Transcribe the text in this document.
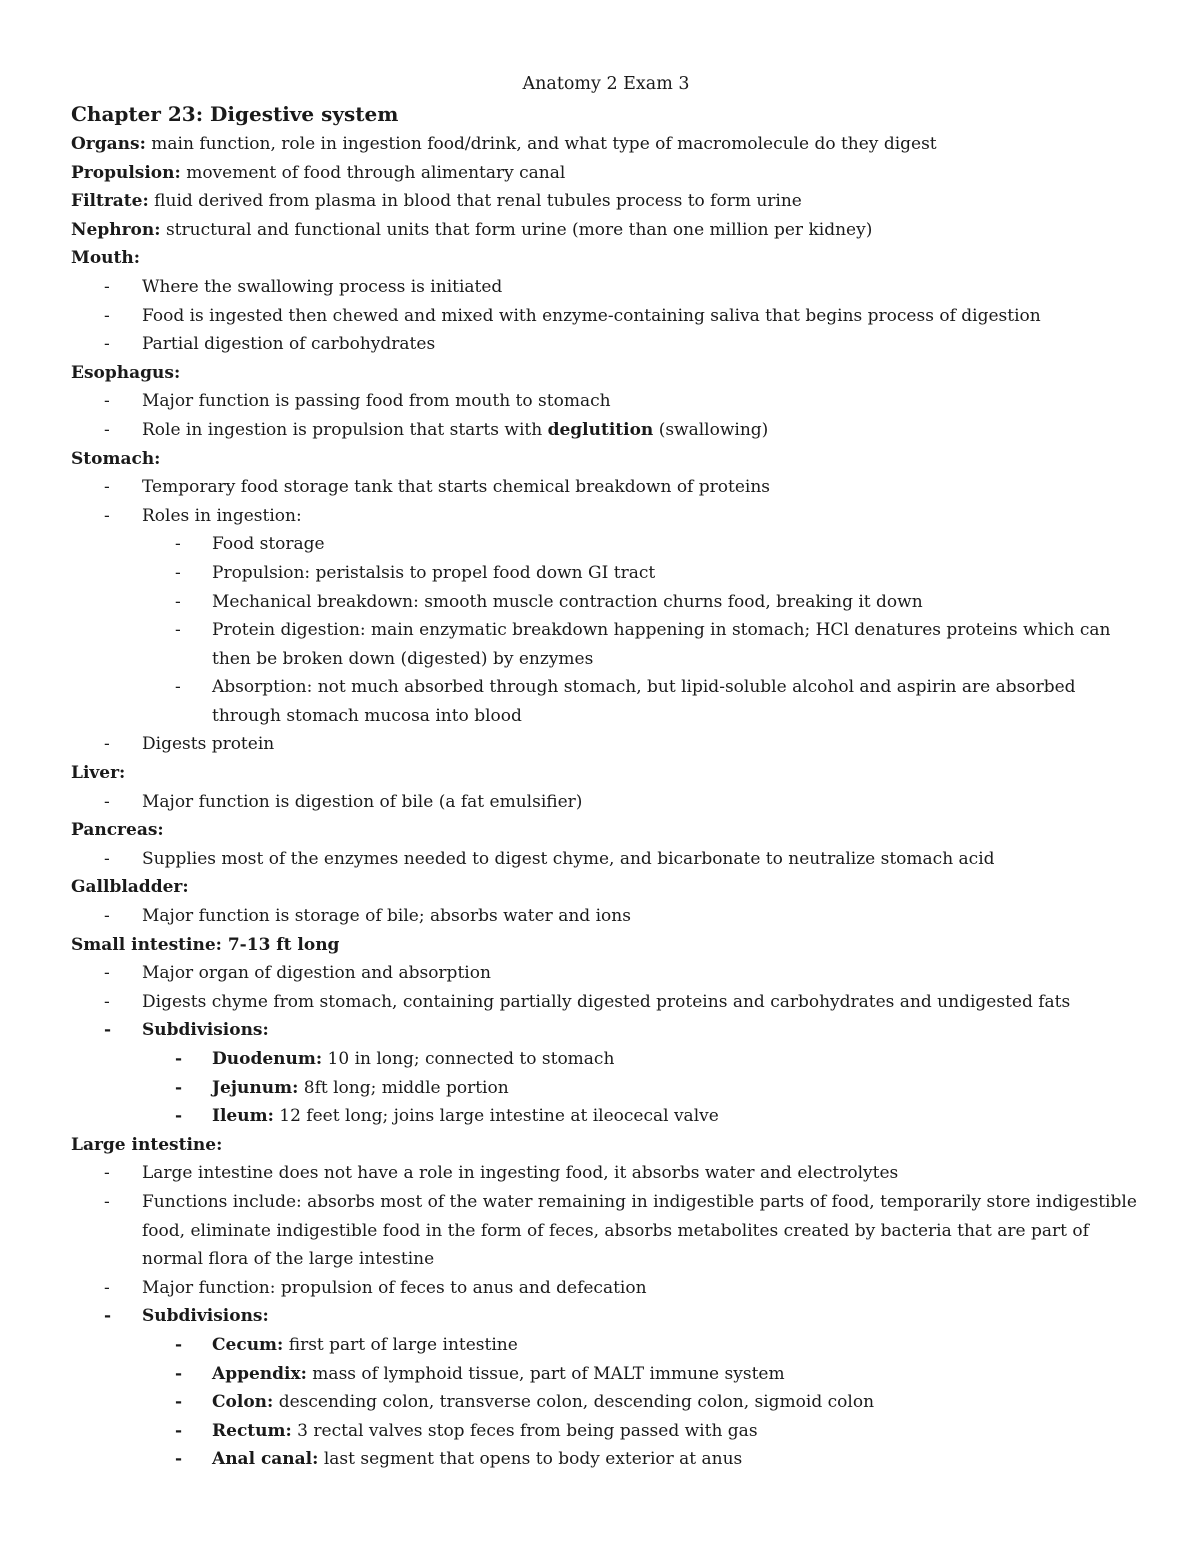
Anatomy 2 Exam 3
Chapter 23: Digestive system

Organs: main function, role in ingestion food/drink, and what type of macromolecule do they digest

Propulsion: movement of food through alimentary canal

Filtrate: fluid derived from plasma in blood that renal tubules process to form urine

Nephron: structural and functional units that form urine (more than one million per kidney)

Mouth:

- Where the swallowing process is initiated
- Food is ingested then chewed and mixed with enzyme-containing saliva that begins process of digestion
- Partial digestion of carbohydrates

Esophagus:

- Major function is passing food from mouth to stomach
- Role in ingestion is propulsion that starts with deglutition (swallowing)

Stomach:

- Temporary food storage tank that starts chemical breakdown of proteins
- Roles in ingestion:
- Food storage
- Propulsion: peristalsis to propel food down GI tract
- Mechanical breakdown: smooth muscle contraction churns food, breaking it down
- Protein digestion: main enzymatic breakdown happening in stomach; HCl denatures proteins which can then be broken down (digested) by enzymes
- Absorption: not much absorbed through stomach, but lipid-soluble alcohol and aspirin are absorbed through stomach mucosa into blood
- Digests protein

Liver:

- Major function is digestion of bile (a fat emulsifier)

Pancreas:

- Supplies most of the enzymes needed to digest chyme, and bicarbonate to neutralize stomach acid

Gallbladder:

- Major function is storage of bile; absorbs water and ions

Small intestine: 7-13 ft long

- Major organ of digestion and absorption
- Digests chyme from stomach, containing partially digested proteins and carbohydrates and undigested fats
- Subdivisions:
- Duodenum: 10 in long; connected to stomach
- Jejunum: 8ft long; middle portion
- Ileum: 12 feet long; joins large intestine at ileocecal valve

Large intestine:

- Large intestine does not have a role in ingesting food, it absorbs water and electrolytes
- Functions include: absorbs most of the water remaining in indigestible parts of food, temporarily store indigestible food, eliminate indigestible food in the form of feces, absorbs metabolites created by bacteria that are part of normal flora of the large intestine
- Major function: propulsion of feces to anus and defecation
- Subdivisions:
- Cecum: first part of large intestine
- Appendix: mass of lymphoid tissue, part of MALT immune system
- Colon: descending colon, transverse colon, descending colon, sigmoid colon
- Rectum: 3 rectal valves stop feces from being passed with gas
- Anal canal: last segment that opens to body exterior at anus
